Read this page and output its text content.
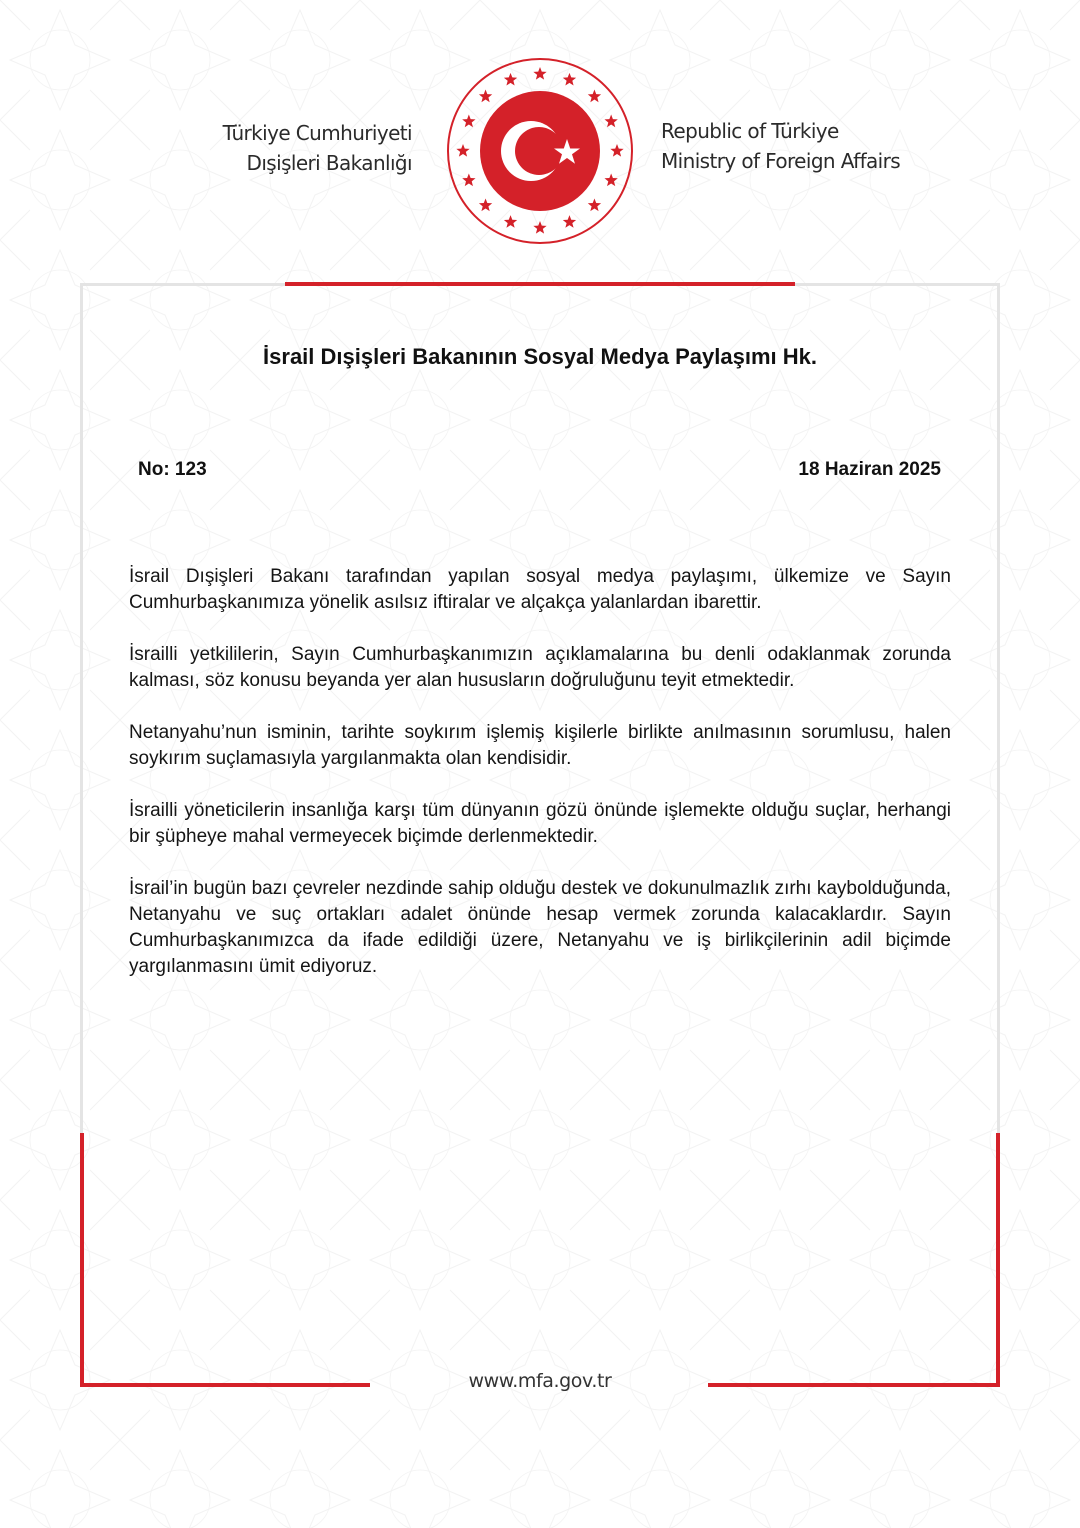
Türkiye Cumhuriyeti
Dışişleri Bakanlığı
Republic of Türkiye
Ministry of Foreign Affairs
İsrail Dışişleri Bakanının Sosyal Medya Paylaşımı Hk.
No: 123	18 Haziran 2025

İsrail Dışişleri Bakanı tarafından yapılan sosyal medya paylaşımı, ülkemize ve Sayın Cumhurbaşkanımıza yönelik asılsız iftiralar ve alçakça yalanlardan ibarettir.

İsrailli yetkililerin, Sayın Cumhurbaşkanımızın açıklamalarına bu denli odaklanmak zorunda kalması, söz konusu beyanda yer alan hususların doğruluğunu teyit etmektedir.

Netanyahu’nun isminin, tarihte soykırım işlemiş kişilerle birlikte anılmasının sorumlusu, halen soykırım suçlamasıyla yargılanmakta olan kendisidir.

İsrailli yöneticilerin insanlığa karşı tüm dünyanın gözü önünde işlemekte olduğu suçlar, herhangi bir şüpheye mahal vermeyecek biçimde derlenmektedir.

İsrail’in bugün bazı çevreler nezdinde sahip olduğu destek ve dokunulmazlık zırhı kaybolduğunda, Netanyahu ve suç ortakları adalet önünde hesap vermek zorunda kalacaklardır. Sayın Cumhurbaşkanımızca da ifade edildiği üzere, Netanyahu ve iş birlikçilerinin adil biçimde yargılanmasını ümit ediyoruz.

www.mfa.gov.tr
